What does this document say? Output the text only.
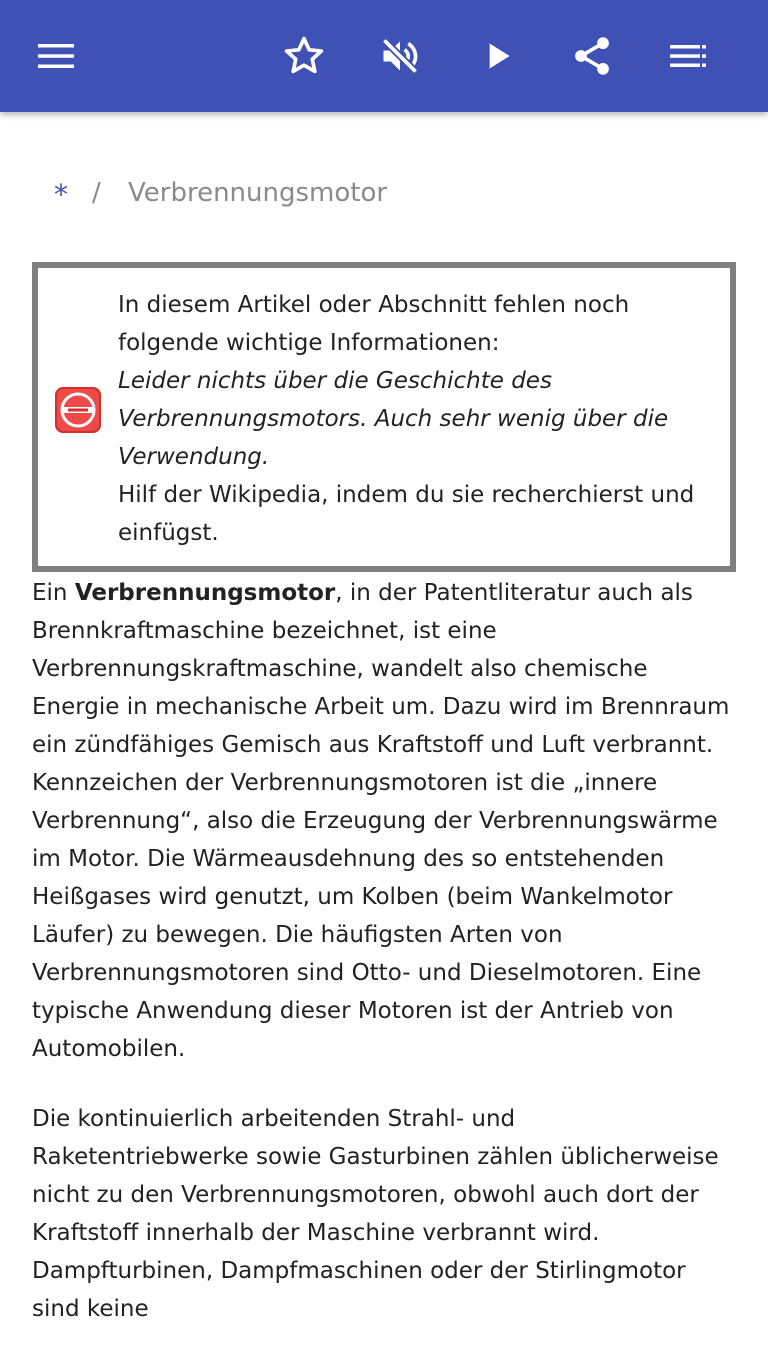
* / Verbrennungsmotor

In diesem Artikel oder Abschnitt fehlen noch folgende wichtige Informationen:

Leider nichts über die Geschichte des Verbrennungsmotors. Auch sehr wenig über die Verwendung.

Hilf der Wikipedia, indem du sie recherchierst und einfügst.

Ein Verbrennungsmotor, in der Patentliteratur auch als Brennkraftmaschine bezeichnet, ist eine Verbrennungskraftmaschine, wandelt also chemische Energie in mechanische Arbeit um. Dazu wird im Brennraum ein zündfähiges Gemisch aus Kraftstoff und Luft verbrannt. Kennzeichen der Verbrennungsmotoren ist die „innere Verbrennung“, also die Erzeugung der Verbrennungswärme im Motor. Die Wärmeausdehnung des so entstehenden Heißgases wird genutzt, um Kolben (beim Wankelmotor Läufer) zu bewegen. Die häufigsten Arten von Verbrennungsmotoren sind Otto- und Dieselmotoren. Eine typische Anwendung dieser Motoren ist der Antrieb von Automobilen.

Die kontinuierlich arbeitenden Strahl- und Raketentriebwerke sowie Gasturbinen zählen üblicherweise nicht zu den Verbrennungsmotoren, obwohl auch dort der Kraftstoff innerhalb der Maschine verbrannt wird. Dampfturbinen, Dampfmaschinen oder der Stirlingmotor sind keine
